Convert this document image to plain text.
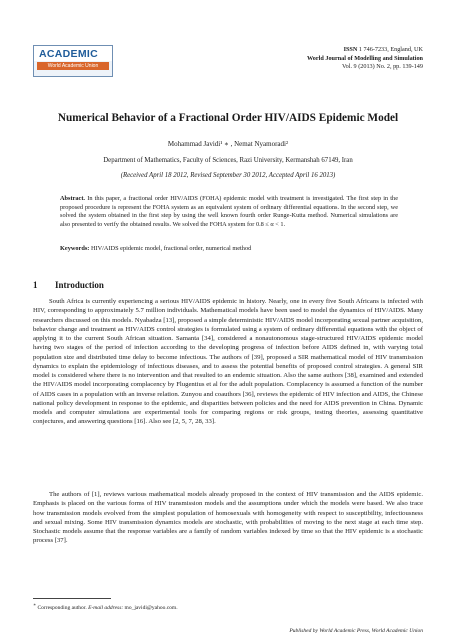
ACADEMIC
World Academic Union
ISSN 1 746-7233, England, UK
World Journal of Modelling and Simulation
Vol. 9 (2013) No. 2, pp. 139-149
Numerical Behavior of a Fractional Order HIV/AIDS Epidemic Model
Mohammad Javidi¹ ∗ , Nemat Nyamoradi²
Department of Mathematics, Faculty of Sciences, Razi University, Kermanshah 67149, Iran
(Received April 18 2012, Revised September 30 2012, Accepted April 16 2013)
Abstract. In this paper, a fractional order HIV/AIDS (FOHA) epidemic model with treatment is investigated. The first step in the proposed procedure is represent the FOHA system as an equivalent system of ordinary differential equations. In the second step, we solved the system obtained in the first step by using the well known fourth order Runge-Kutta method. Numerical simulations are also presented to verify the obtained results. We solved the FOHA system for 0.8 ≤ α < 1.
Keywords: HIV/AIDS epidemic model, fractional order, numerical method
1 Introduction

South Africa is currently experiencing a serious HIV/AIDS epidemic in history. Nearly, one in every five South Africans is infected with HIV, corresponding to approximately 5.7 million individuals. Mathematical models have been used to model the dynamics of HIV/AIDS. Many researchers discussed on this models. Nyabadza [13], proposed a simple deterministic HIV/AIDS model incorporating sexual partner acquisition, behavior change and treatment as HIV/AIDS control strategies is formulated using a system of ordinary differential equations with the object of applying it to the current South African situation. Samanta [34], considered a nonautonomous stage-structured HIV/AIDS epidemic model having two stages of the period of infection according to the developing progress of infection before AIDS defined in, with varying total population size and distributed time delay to become infectious. The authors of [39], proposed a SIR mathematical model of HIV transmission dynamics to explain the epidemiology of infectious diseases, and to assess the potential benefits of proposed control strategies. A general SIR model is considered where there is no intervention and that resulted to an endemic situation. Also the same authors [38], examined and extended the HIV/AIDS model incorporating complacency by Flugentius et al for the adult population. Complacency is assumed a function of the number of AIDS cases in a population with an inverse relation. Zunyou and coauthors [36], reviews the epidemic of HIV infection and AIDS, the Chinese national policy development in response to the epidemic, and disparities between policies and the need for AIDS prevention in China. Dynamic models and computer simulations are experimental tools for comparing regions or risk groups, testing theories, assessing quantitative conjectures, and answering questions [16]. Also see [2, 5, 7, 28, 33].

The authors of [1], reviews various mathematical models already proposed in the context of HIV transmission and the AIDS epidemic. Emphasis is placed on the various forms of HIV transmission models and the assumptions under which the models were based. We also trace how transmission models evolved from the simplest population of homosexuals with homogeneity with respect to susceptibility, infectiousness and sexual mixing. Some HIV transmission dynamics models are stochastic, with probabilities of moving to the next stage at each time step. Stochastic models assume that the response variables are a family of random variables indexed by time so that the HIV epidemic is a stochastic process [37].

∗ Corresponding author. E-mail address: mo_javidi@yahoo.com.
Published by World Academic Press, World Academic Union
